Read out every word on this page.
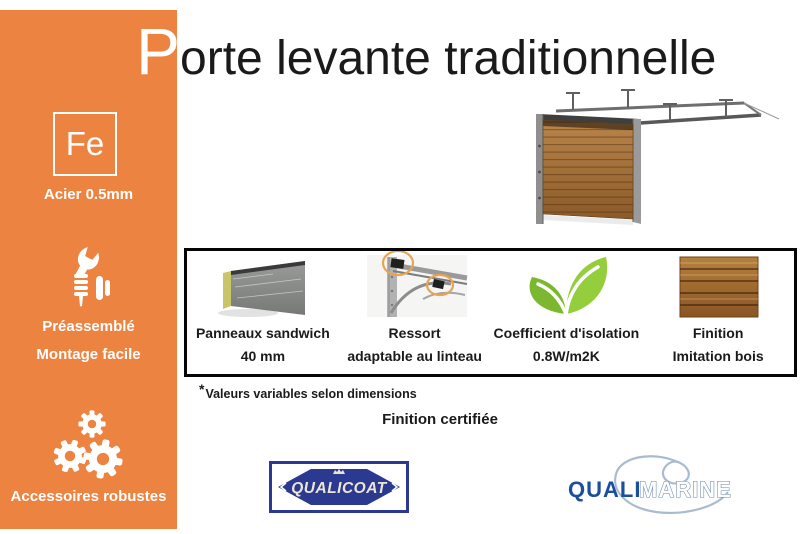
Fe
Acier 0.5mm
Préassemblé
Montage facile
Accessoires robustes
P orte levante traditionnelle
Panneaux sandwich
40 mm
Ressort
adaptable au linteau
Coefficient d'isolation
0.8W/m2K
Finition
Imitation bois
*Valeurs variables selon dimensions
Finition certifiée
QUALICOAT	QUALI
MARINE
